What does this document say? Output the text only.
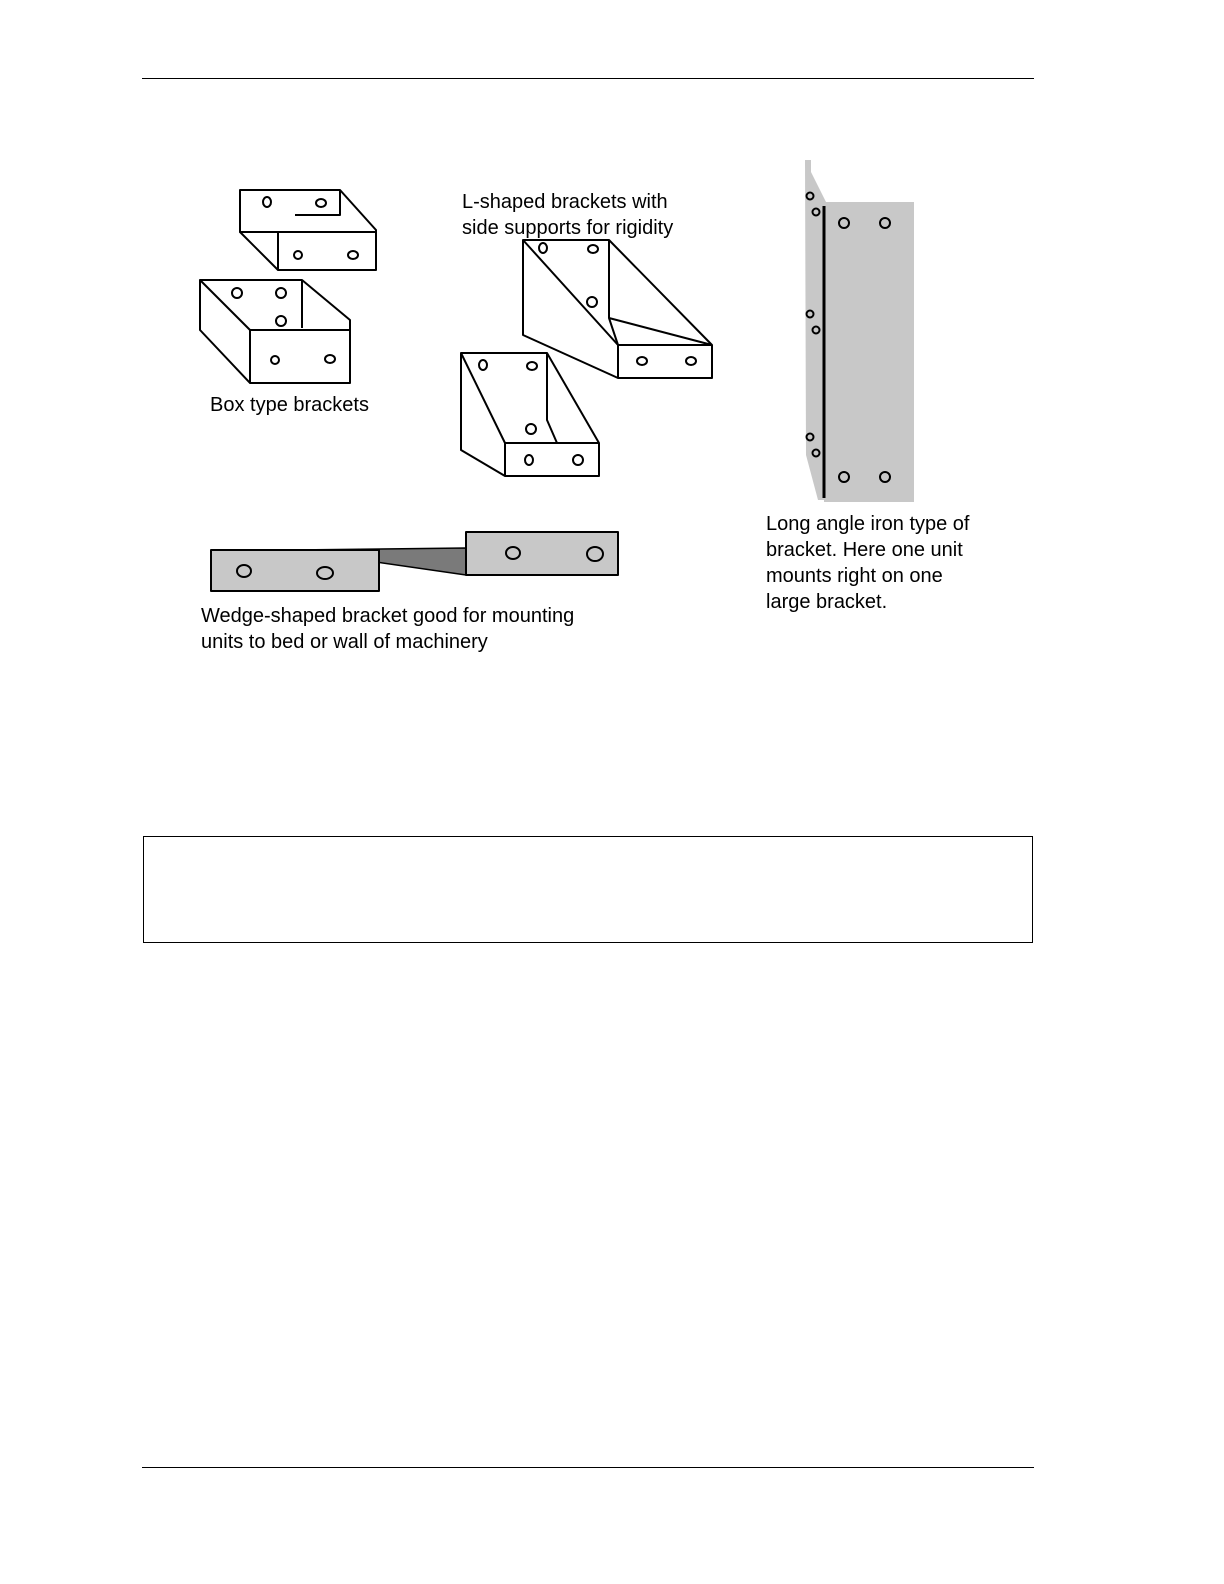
Box type brackets

L-shaped brackets with
side supports for rigidity

Wedge-shaped bracket good for mounting
units to bed or wall of machinery

Long angle iron type of
bracket. Here one unit
mounts right on one
large bracket.
